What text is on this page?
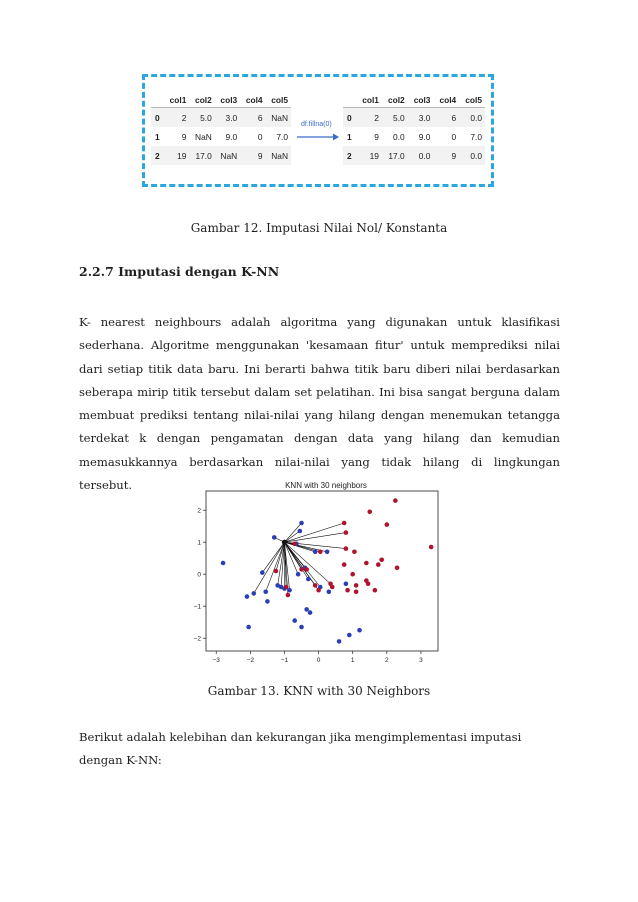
	col1	col2	col3	col4	col5
0	2	5.0	3.0	6	NaN
1	9	NaN	9.0	0	7.0
2	19	17.0	NaN	9	NaN
df.fillna(0)
	col1	col2	col3	col4	col5
0	2	5.0	3.0	6	0.0
1	9	0.0	9.0	0	7.0
2	19	17.0	0.0	9	0.0
Gambar 12. Imputasi Nilai Nol/ Konstanta
2.2.7 Imputasi dengan K-NN
K- nearest neighbours adalah algoritma yang digunakan untuk klasifikasi sederhana. Algoritme menggunakan 'kesamaan fitur' untuk memprediksi nilai dari setiap titik data baru. Ini berarti bahwa titik baru diberi nilai berdasarkan seberapa mirip titik tersebut dalam set pelatihan. Ini bisa sangat berguna dalam membuat prediksi tentang nilai-nilai yang hilang dengan menemukan tetangga terdekat k dengan pengamatan dengan data yang hilang dan kemudian memasukkannya berdasarkan nilai-nilai yang tidak hilang di lingkungan tersebut.	KNN with 30 neighbors
−3	−2	−1	0	1	2	3
−2
−1
0
1
2
Gambar 13. KNN with 30 Neighbors
Berikut adalah kelebihan dan kekurangan jika mengimplementasi imputasi dengan K-NN:
